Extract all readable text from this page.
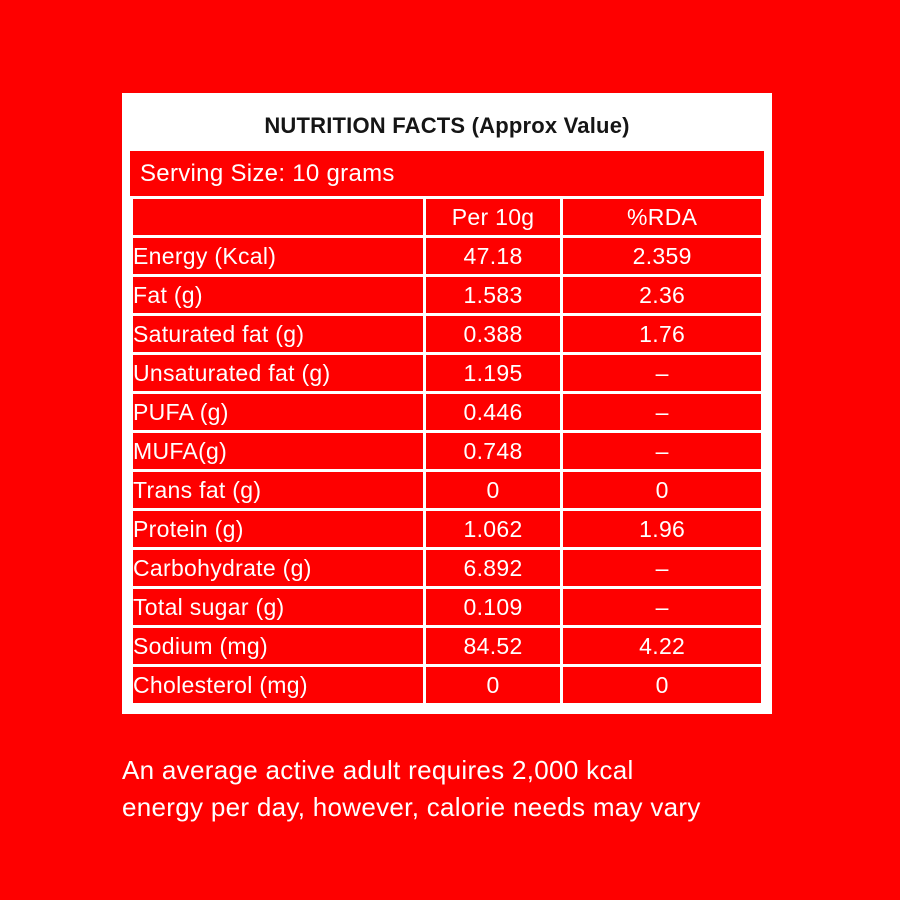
NUTRITION FACTS (Approx Value)
Serving Size: 10 grams
	Per 10g	%RDA
Energy (Kcal)	47.18	2.359
Fat (g)	1.583	2.36
Saturated fat (g)	0.388	1.76
Unsaturated fat (g)	1.195	–
PUFA (g)	0.446	–
MUFA(g)	0.748	–
Trans fat (g)	0	0
Protein (g)	1.062	1.96
Carbohydrate (g)	6.892	–
Total sugar (g)	0.109	–
Sodium (mg)	84.52	4.22
Cholesterol (mg)	0	0
An average active adult requires 2,000 kcal
energy per day, however, calorie needs may vary
